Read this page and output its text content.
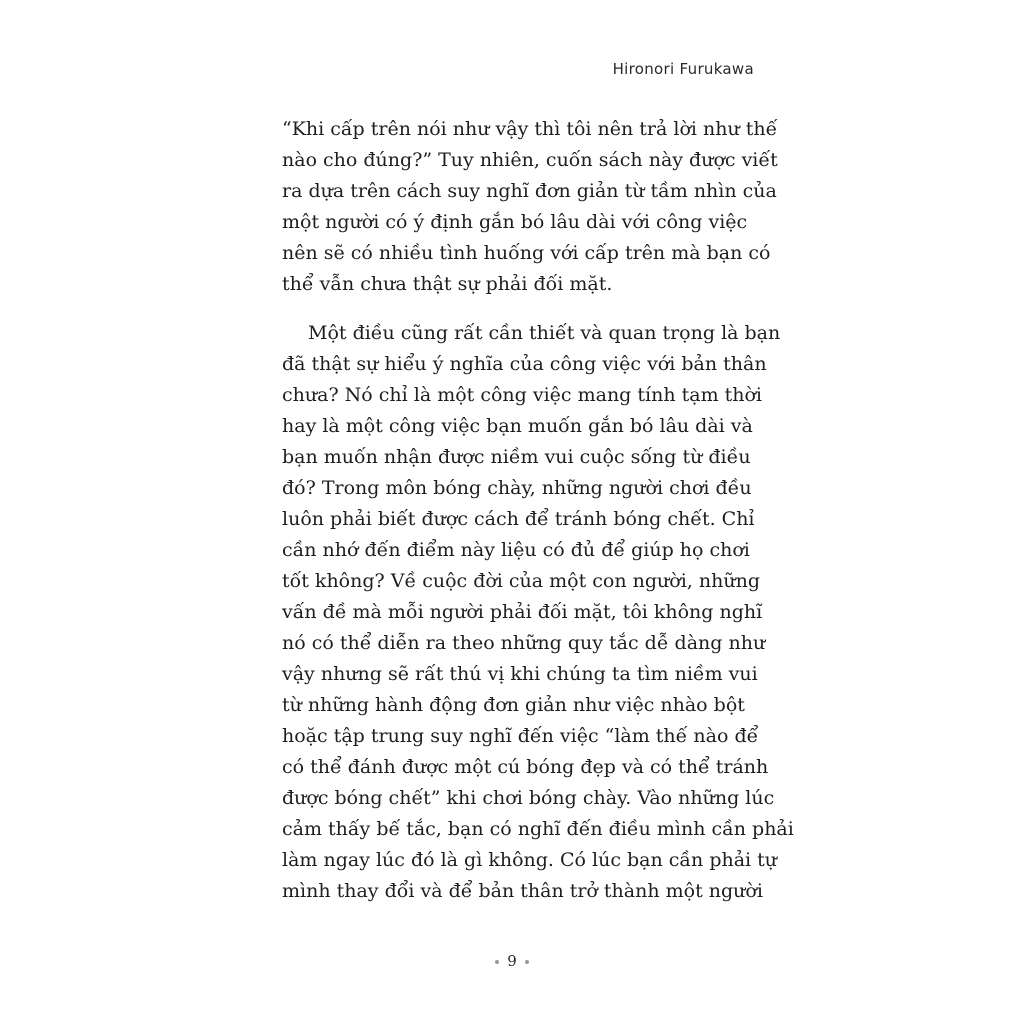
Hironori Furukawa
“Khi cấp trên nói như vậy thì tôi nên trả lời như thế
nào cho đúng?” Tuy nhiên, cuốn sách này được viết
ra dựa trên cách suy nghĩ đơn giản từ tầm nhìn của
một người có ý định gắn bó lâu dài với công việc
nên sẽ có nhiều tình huống với cấp trên mà bạn có
thể vẫn chưa thật sự phải đối mặt.
Một điều cũng rất cần thiết và quan trọng là bạn
đã thật sự hiểu ý nghĩa của công việc với bản thân
chưa? Nó chỉ là một công việc mang tính tạm thời
hay là một công việc bạn muốn gắn bó lâu dài và
bạn muốn nhận được niềm vui cuộc sống từ điều
đó? Trong môn bóng chày, những người chơi đều
luôn phải biết được cách để tránh bóng chết. Chỉ
cần nhớ đến điểm này liệu có đủ để giúp họ chơi
tốt không? Về cuộc đời của một con người, những
vấn đề mà mỗi người phải đối mặt, tôi không nghĩ
nó có thể diễn ra theo những quy tắc dễ dàng như
vậy nhưng sẽ rất thú vị khi chúng ta tìm niềm vui
từ những hành động đơn giản như việc nhào bột
hoặc tập trung suy nghĩ đến việc “làm thế nào để
có thể đánh được một cú bóng đẹp và có thể tránh
được bóng chết” khi chơi bóng chày. Vào những lúc
cảm thấy bế tắc, bạn có nghĩ đến điều mình cần phải
làm ngay lúc đó là gì không. Có lúc bạn cần phải tự
mình thay đổi và để bản thân trở thành một người
9
